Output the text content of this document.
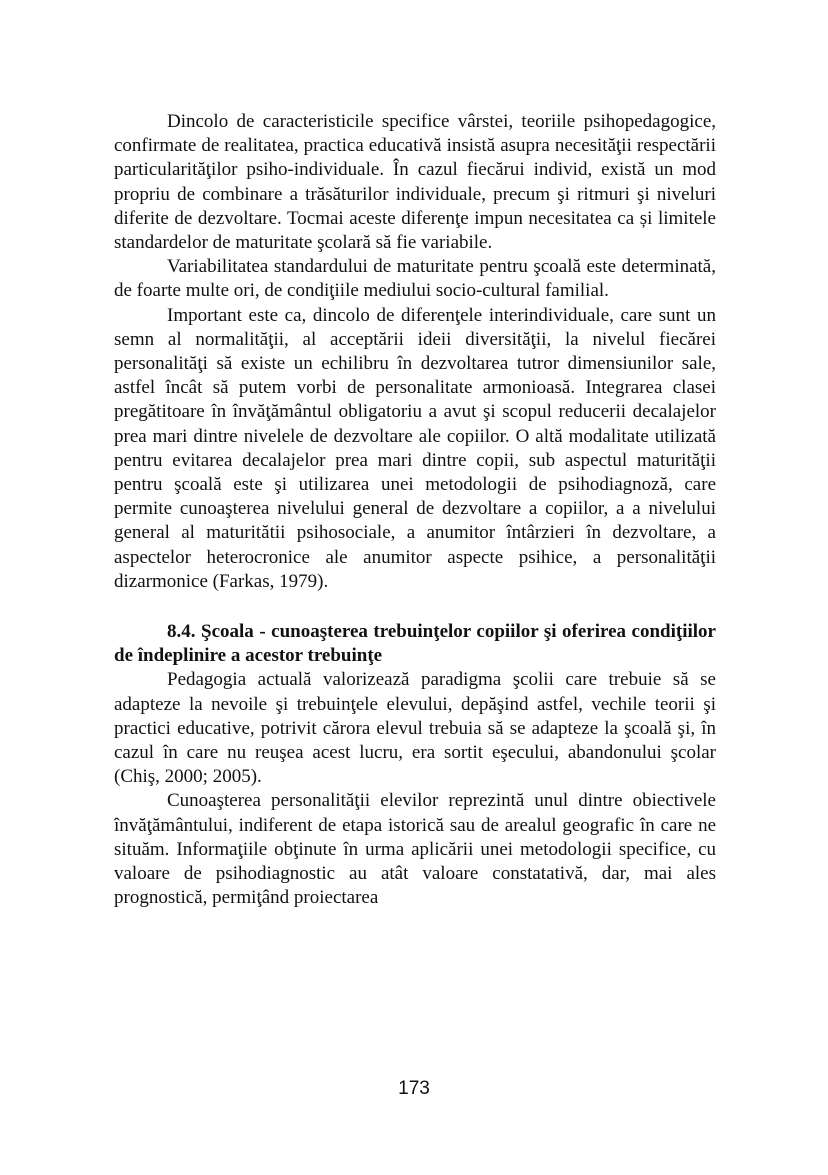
Dincolo de caracteristicile specifice vârstei, teoriile psihopedagogice, confirmate de realitatea, practica educativă insistă asupra necesităţii respectării particularităţilor psiho-individuale. În cazul fiecărui individ, există un mod propriu de combinare a trăsăturilor individuale, precum şi ritmuri şi niveluri diferite de dezvoltare. Tocmai aceste diferenţe impun necesitatea ca și limitele standardelor de maturitate şcolară să fie variabile.

Variabilitatea standardului de maturitate pentru şcoală este determinată, de foarte multe ori, de condiţiile mediului socio-cultural familial.

Important este ca, dincolo de diferenţele interindividuale, care sunt un semn al normalităţii, al acceptării ideii diversităţii, la nivelul fiecărei personalităţi să existe un echilibru în dezvoltarea tutror dimensiunilor sale, astfel încât să putem vorbi de personalitate armonioasă. Integrarea clasei pregătitoare în învăţământul obligatoriu a avut şi scopul reducerii decalajelor prea mari dintre nivelele de dezvoltare ale copiilor. O altă modalitate utilizată pentru evitarea decalajelor prea mari dintre copii, sub aspectul maturităţii pentru şcoală este şi utilizarea unei metodologii de psihodiagnoză, care permite cunoaşterea nivelului general de dezvoltare a copiilor, a a nivelului general al maturitătii psihosociale, a anumitor întârzieri în dezvoltare, a aspectelor heterocronice ale anumitor aspecte psihice, a personalităţii dizarmonice (Farkas, 1979).

8.4. Şcoala - cunoaşterea trebuinţelor copiilor şi oferirea condiţiilor de îndeplinire a acestor trebuinţe

Pedagogia actuală valorizează paradigma şcolii care trebuie să se adapteze la nevoile şi trebuinţele elevului, depăşind astfel, vechile teorii şi practici educative, potrivit cărora elevul trebuia să se adapteze la şcoală şi, în cazul în care nu reuşea acest lucru, era sortit eşecului, abandonului şcolar (Chiş, 2000; 2005).

Cunoaşterea personalităţii elevilor reprezintă unul dintre obiectivele învăţământului, indiferent de etapa istorică sau de arealul geografic în care ne situăm. Informaţiile obţinute în urma aplicării unei metodologii specifice, cu valoare de psihodiagnostic au atât valoare constatativă, dar, mai ales prognostică, permiţând proiectarea

173
